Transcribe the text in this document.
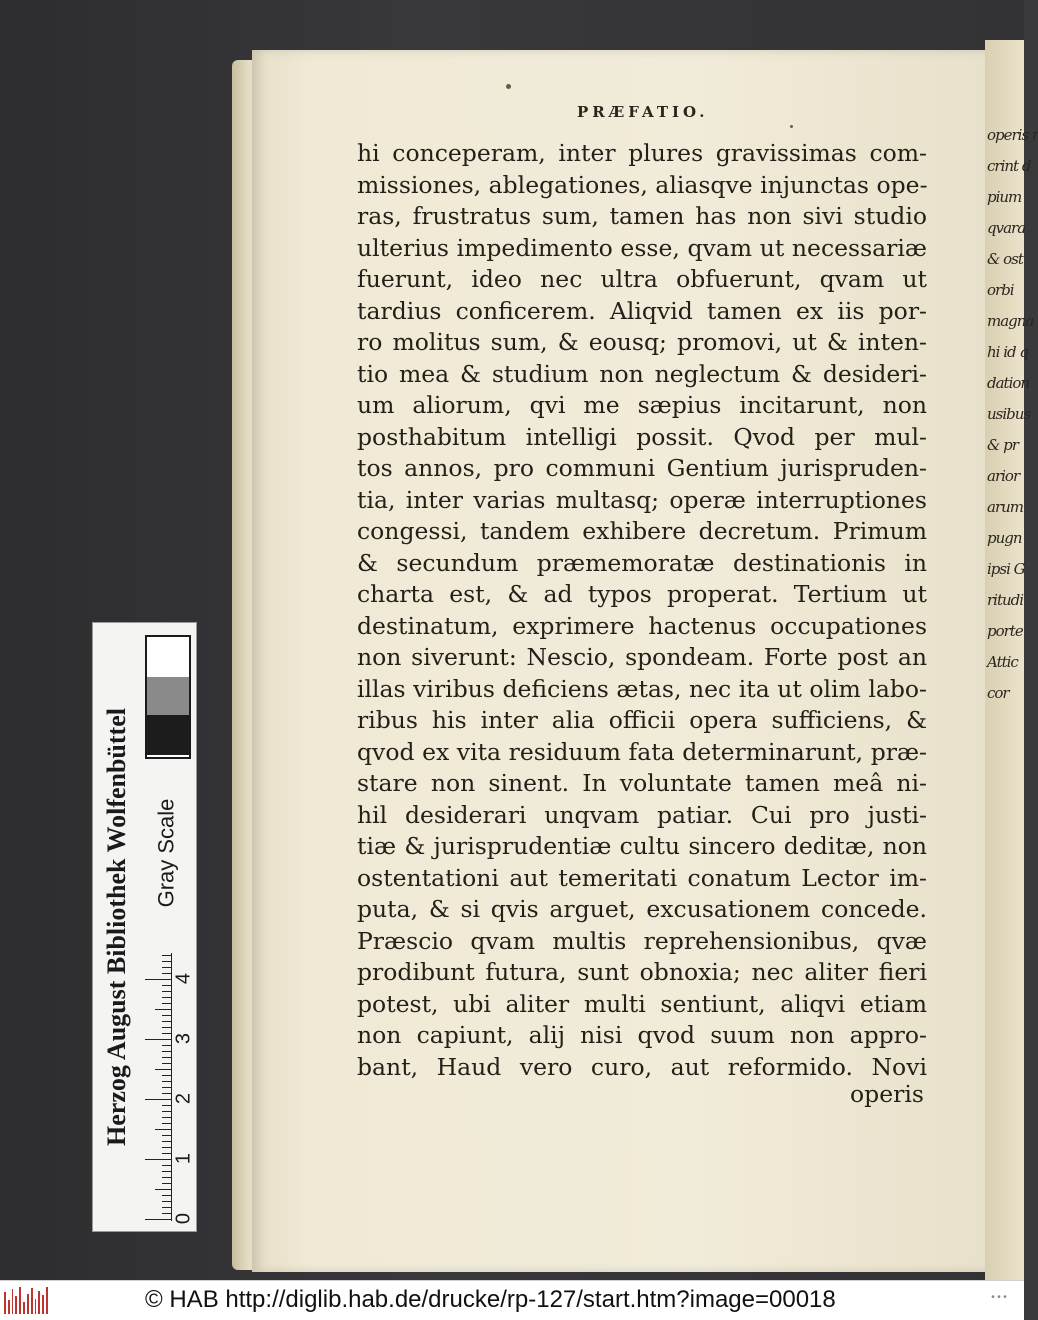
operis r
crint d
pium
qvara
& ost
orbi
magna
hi id q
dation
usibus
& pr
arior
arum
pugn
ipsi G
ritudi
porte
Attic
cor
PRÆFATIO.
hi conceperam, inter plures gravissimas com-
missiones, ablegationes, aliasqve injunctas ope-
ras, frustratus sum, tamen has non sivi studio
ulterius impedimento esse, qvam ut necessariæ
fuerunt, ideo nec ultra obfuerunt, qvam ut
tardius conficerem. Aliqvid tamen ex iis por-
ro molitus sum, & eousq; promovi, ut & inten-
tio mea & studium non neglectum & desideri-
um aliorum, qvi me sæpius incitarunt, non
posthabitum intelligi possit. Qvod per mul-
tos annos, pro communi Gentium jurispruden-
tia, inter varias multasq; operæ interruptiones
congessi, tandem exhibere decretum. Primum
& secundum præmemoratæ destinationis in
charta est, & ad typos properat. Tertium ut
destinatum, exprimere hactenus occupationes
non siverunt: Nescio, spondeam. Forte post an
illas viribus deficiens ætas, nec ita ut olim labo-
ribus his inter alia officii opera sufficiens, &
qvod ex vita residuum fata determinarunt, præ-
stare non sinent. In voluntate tamen meâ ni-
hil desiderari unqvam patiar. Cui pro justi-
tiæ & jurisprudentiæ cultu sincero deditæ, non
ostentationi aut temeritati conatum Lector im-
puta, & si qvis arguet, excusationem concede.
Præscio qvam multis reprehensionibus, qvæ
prodibunt futura, sunt obnoxia; nec aliter fieri
potest, ubi aliter multi sentiunt, aliqvi etiam
non capiunt, alij nisi qvod suum non appro-
bant, Haud vero curo, aut reformido. Novi
operis
Herzog August Bibliothek Wolfenbüttel Gray Scale
0
1
2
3
4
© HAB http://diglib.hab.de/drucke/rp-127/start.htm?image=00018	•••
